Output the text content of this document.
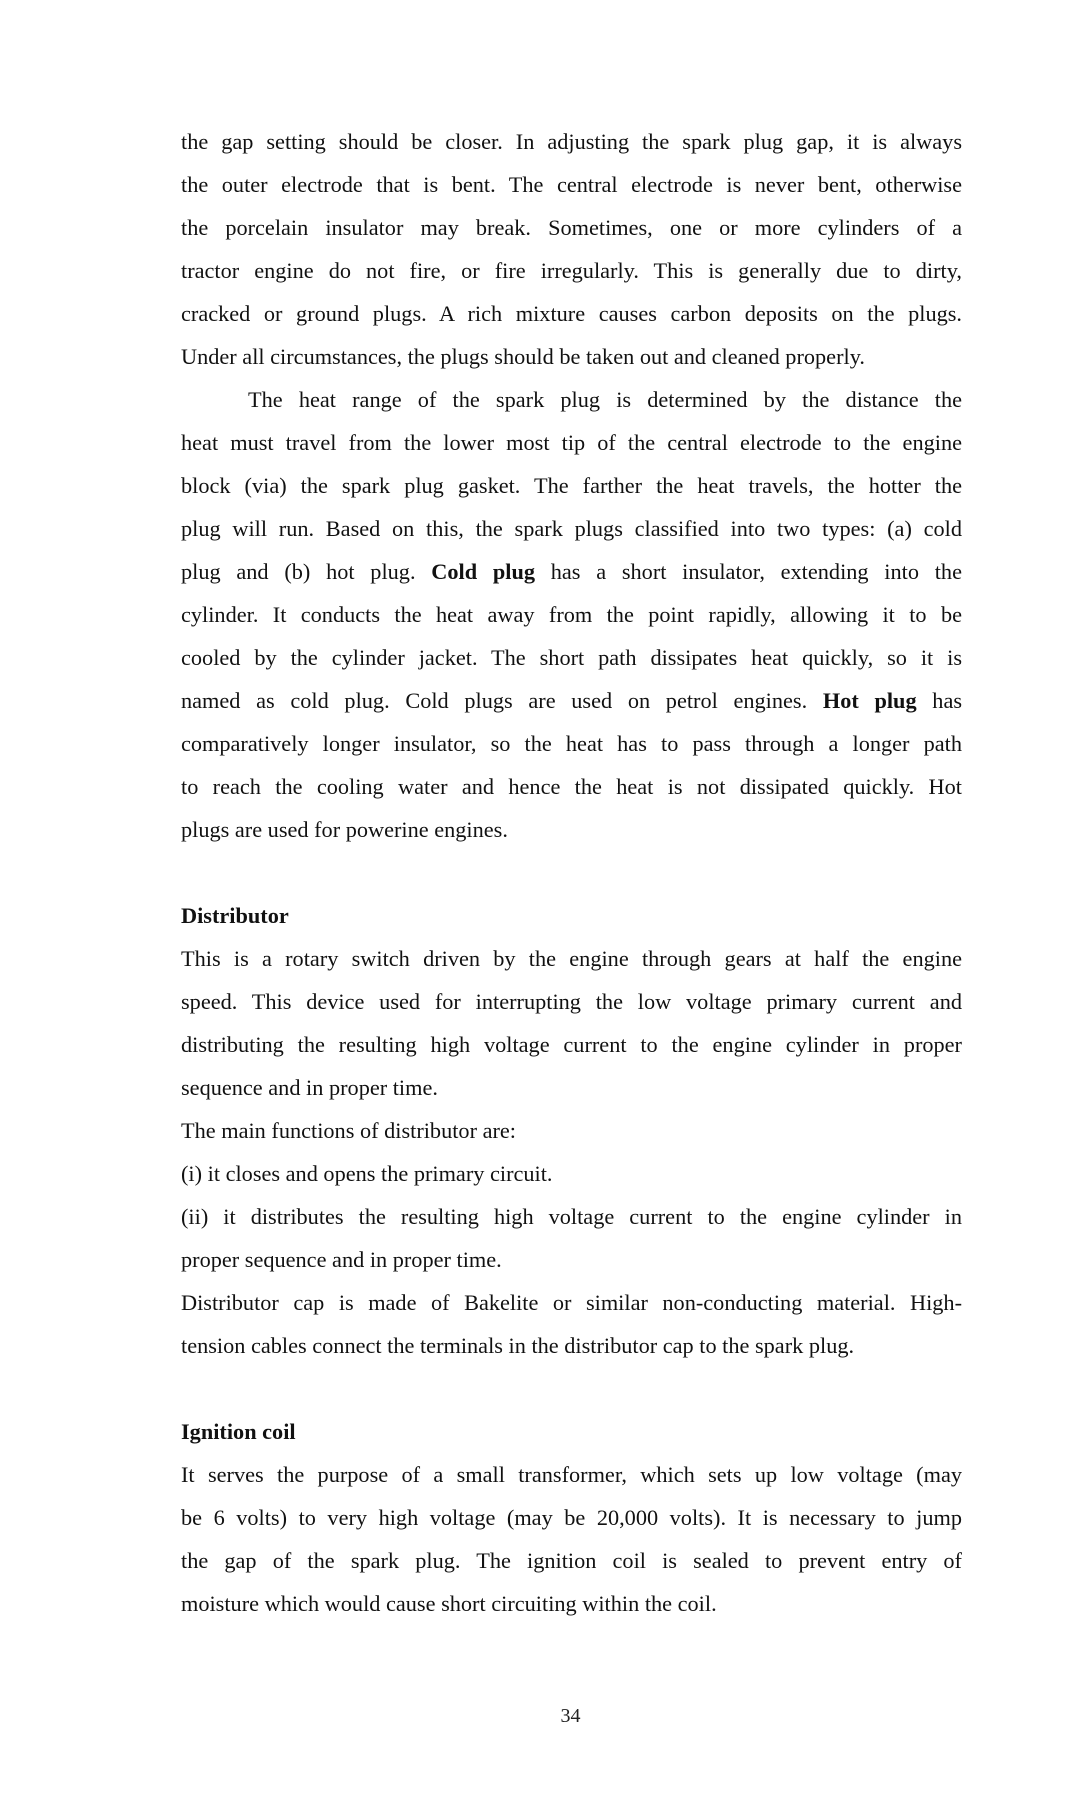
the gap setting should be closer. In adjusting the spark plug gap, it is always
the outer electrode that is bent. The central electrode is never bent, otherwise
the porcelain insulator may break. Sometimes, one or more cylinders of a
tractor engine do not fire, or fire irregularly. This is generally due to dirty,
cracked or ground plugs. A rich mixture causes carbon deposits on the plugs.
Under all circumstances, the plugs should be taken out and cleaned properly.

The heat range of the spark plug is determined by the distance the
heat must travel from the lower most tip of the central electrode to the engine
block (via) the spark plug gasket. The farther the heat travels, the hotter the
plug will run. Based on this, the spark plugs classified into two types: (a) cold
plug and (b) hot plug. Cold plug has a short insulator, extending into the
cylinder. It conducts the heat away from the point rapidly, allowing it to be
cooled by the cylinder jacket. The short path dissipates heat quickly, so it is
named as cold plug. Cold plugs are used on petrol engines. Hot plug has
comparatively longer insulator, so the heat has to pass through a longer path
to reach the cooling water and hence the heat is not dissipated quickly. Hot
plugs are used for powerine engines.

Distributor

This is a rotary switch driven by the engine through gears at half the engine
speed. This device used for interrupting the low voltage primary current and
distributing the resulting high voltage current to the engine cylinder in proper
sequence and in proper time.

The main functions of distributor are:

(i) it closes and opens the primary circuit.

(ii) it distributes the resulting high voltage current to the engine cylinder in
proper sequence and in proper time.

Distributor cap is made of Bakelite or similar non-conducting material. High-
tension cables connect the terminals in the distributor cap to the spark plug.

Ignition coil

It serves the purpose of a small transformer, which sets up low voltage (may
be 6 volts) to very high voltage (may be 20,000 volts). It is necessary to jump
the gap of the spark plug. The ignition coil is sealed to prevent entry of
moisture which would cause short circuiting within the coil.

34
